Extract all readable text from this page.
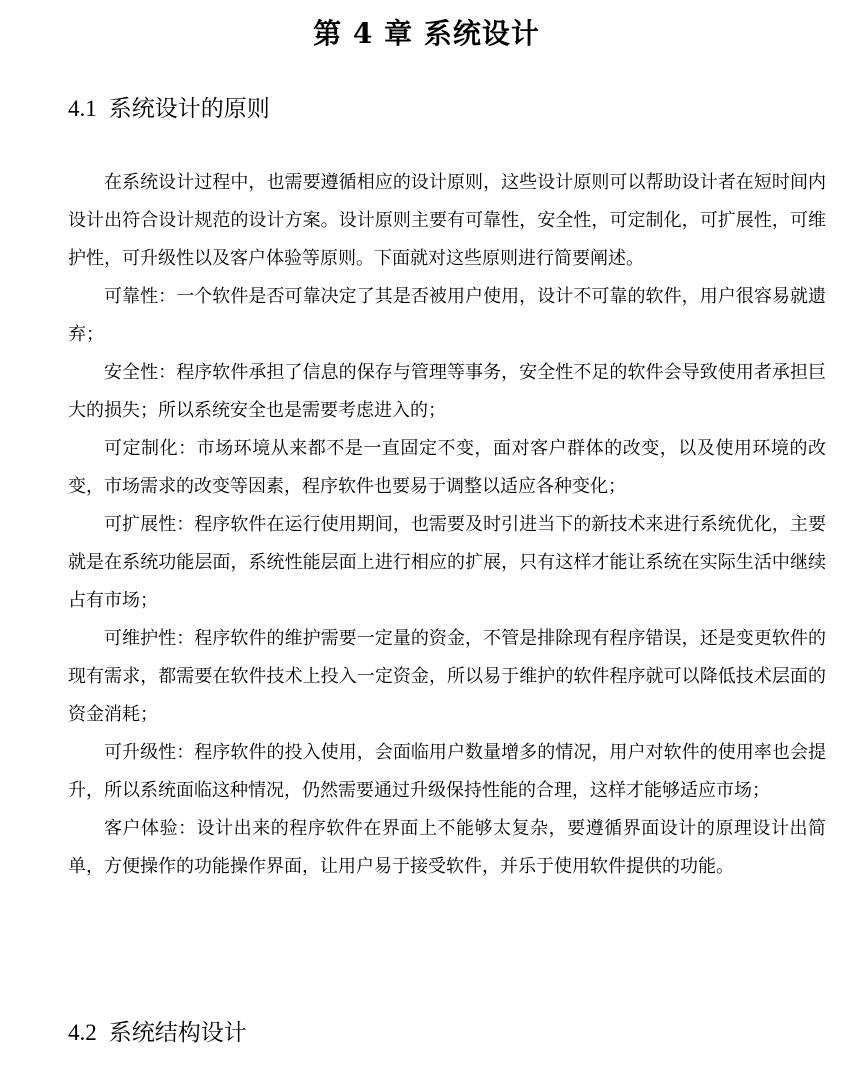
第 4 章 系统设计
4.1 系统设计的原则

在系统设计过程中，也需要遵循相应的设计原则，这些设计原则可以帮助设计者在短时间内设计出符合设计规范的设计方案。设计原则主要有可靠性，安全性，可定制化，可扩展性，可维护性，可升级性以及客户体验等原则。下面就对这些原则进行简要阐述。

可靠性：一个软件是否可靠决定了其是否被用户使用，设计不可靠的软件，用户很容易就遗弃；

安全性：程序软件承担了信息的保存与管理等事务，安全性不足的软件会导致使用者承担巨大的损失；所以系统安全也是需要考虑进入的；

可定制化：市场环境从来都不是一直固定不变，面对客户群体的改变，以及使用环境的改变，市场需求的改变等因素，程序软件也要易于调整以适应各种变化；

可扩展性：程序软件在运行使用期间，也需要及时引进当下的新技术来进行系统优化，主要就是在系统功能层面，系统性能层面上进行相应的扩展，只有这样才能让系统在实际生活中继续占有市场；

可维护性：程序软件的维护需要一定量的资金，不管是排除现有程序错误，还是变更软件的现有需求，都需要在软件技术上投入一定资金，所以易于维护的软件程序就可以降低技术层面的资金消耗；

可升级性：程序软件的投入使用，会面临用户数量增多的情况，用户对软件的使用率也会提升，所以系统面临这种情况，仍然需要通过升级保持性能的合理，这样才能够适应市场；

客户体验：设计出来的程序软件在界面上不能够太复杂，要遵循界面设计的原理设计出简单，方便操作的功能操作界面，让用户易于接受软件，并乐于使用软件提供的功能。

4.2 系统结构设计
